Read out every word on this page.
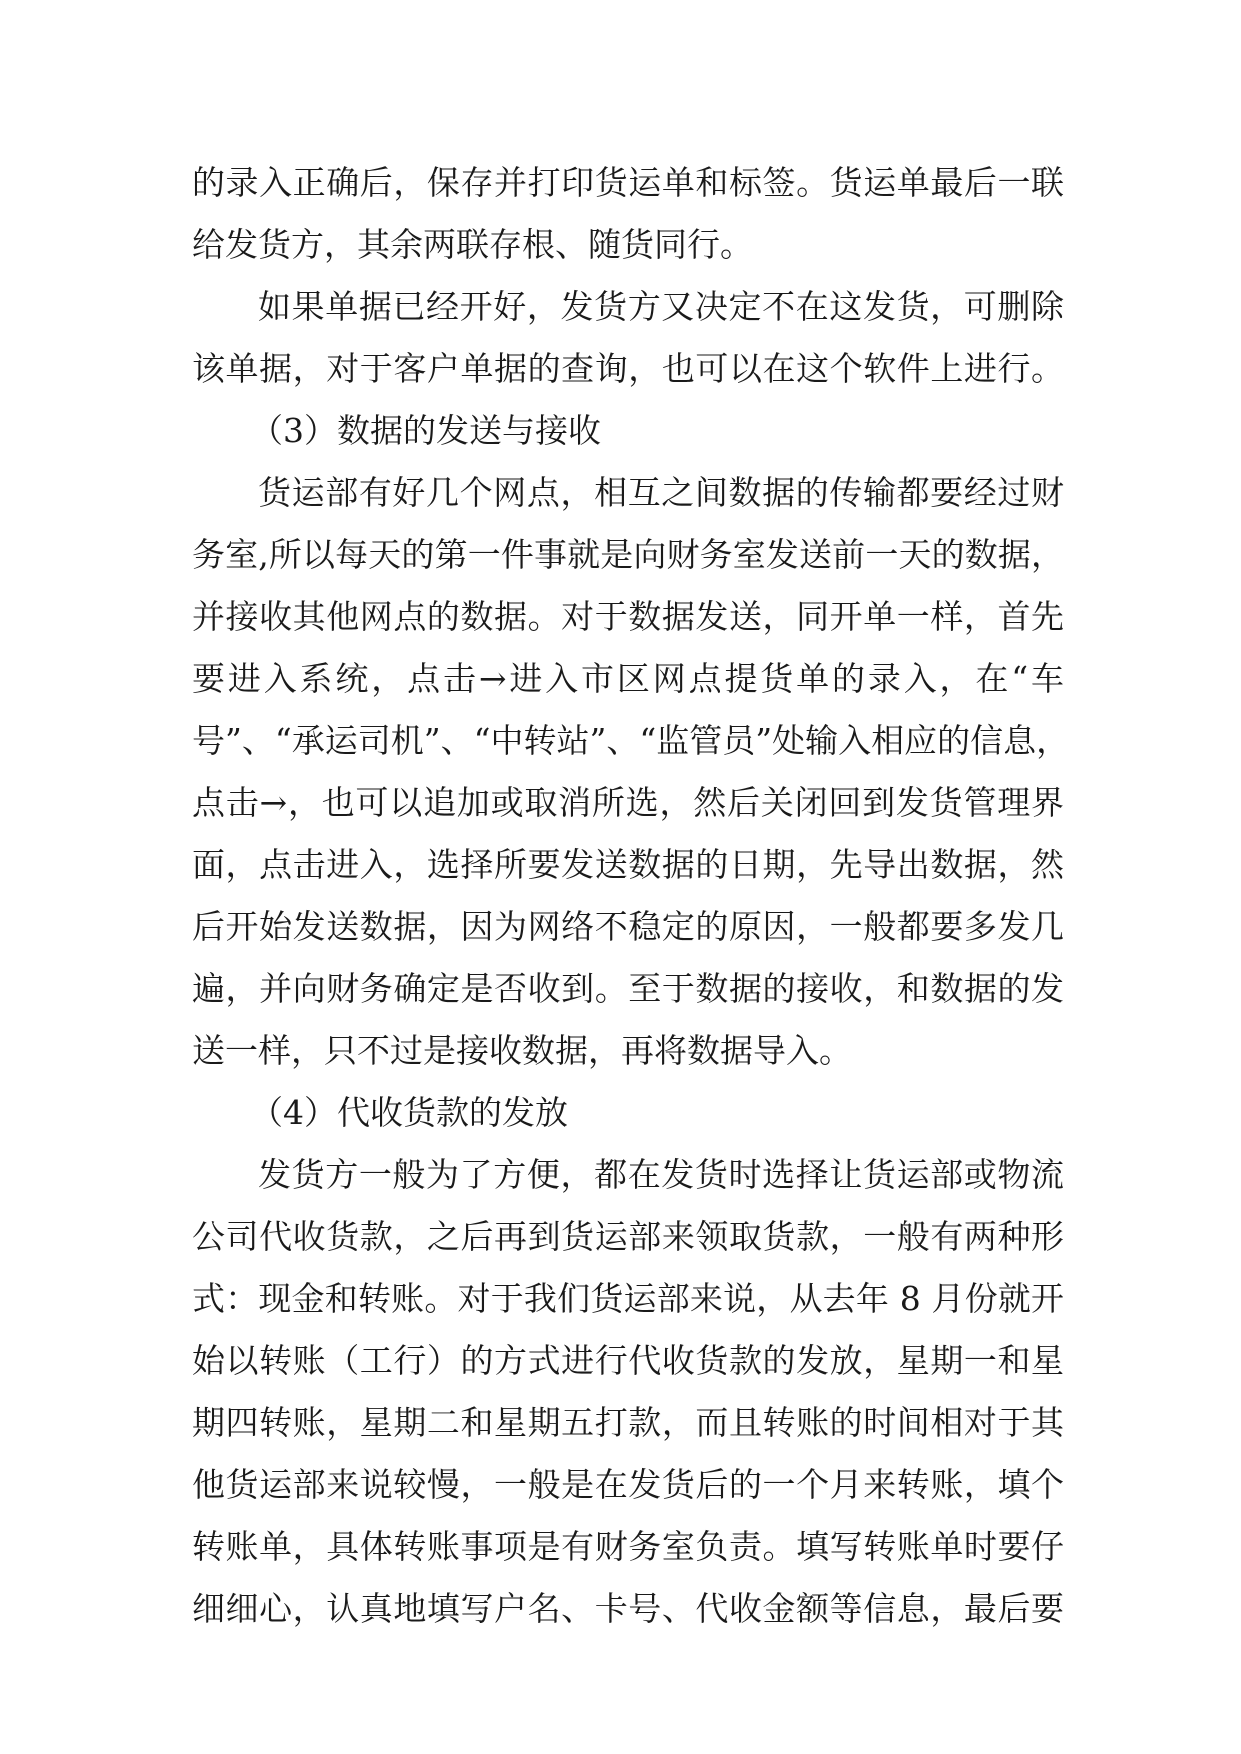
的录入正确后，保存并打印货运单和标签。货运单最后一联
给发货方，其余两联存根、随货同行。
如果单据已经开好，发货方又决定不在这发货，可删除
该单据，对于客户单据的查询，也可以在这个软件上进行。
（3）数据的发送与接收
货运部有好几个网点，相互之间数据的传输都要经过财
务室,所以每天的第一件事就是向财务室发送前一天的数据，
并接收其他网点的数据。对于数据发送，同开单一样，首先
要进入系统，点击→进入市区网点提货单的录入，在“车
号”、“承运司机”、“中转站”、“监管员”处输入相应的信息，
点击→，也可以追加或取消所选，然后关闭回到发货管理界
面，点击进入，选择所要发送数据的日期，先导出数据，然
后开始发送数据，因为网络不稳定的原因，一般都要多发几
遍，并向财务确定是否收到。至于数据的接收，和数据的发
送一样，只不过是接收数据，再将数据导入。
（4）代收货款的发放
发货方一般为了方便，都在发货时选择让货运部或物流
公司代收货款，之后再到货运部来领取货款，一般有两种形
式：现金和转账。对于我们货运部来说，从去年 8 月份就开
始以转账（工行）的方式进行代收货款的发放，星期一和星
期四转账，星期二和星期五打款，而且转账的时间相对于其
他货运部来说较慢，一般是在发货后的一个月来转账，填个
转账单，具体转账事项是有财务室负责。填写转账单时要仔
细细心，认真地填写户名、卡号、代收金额等信息，最后要
